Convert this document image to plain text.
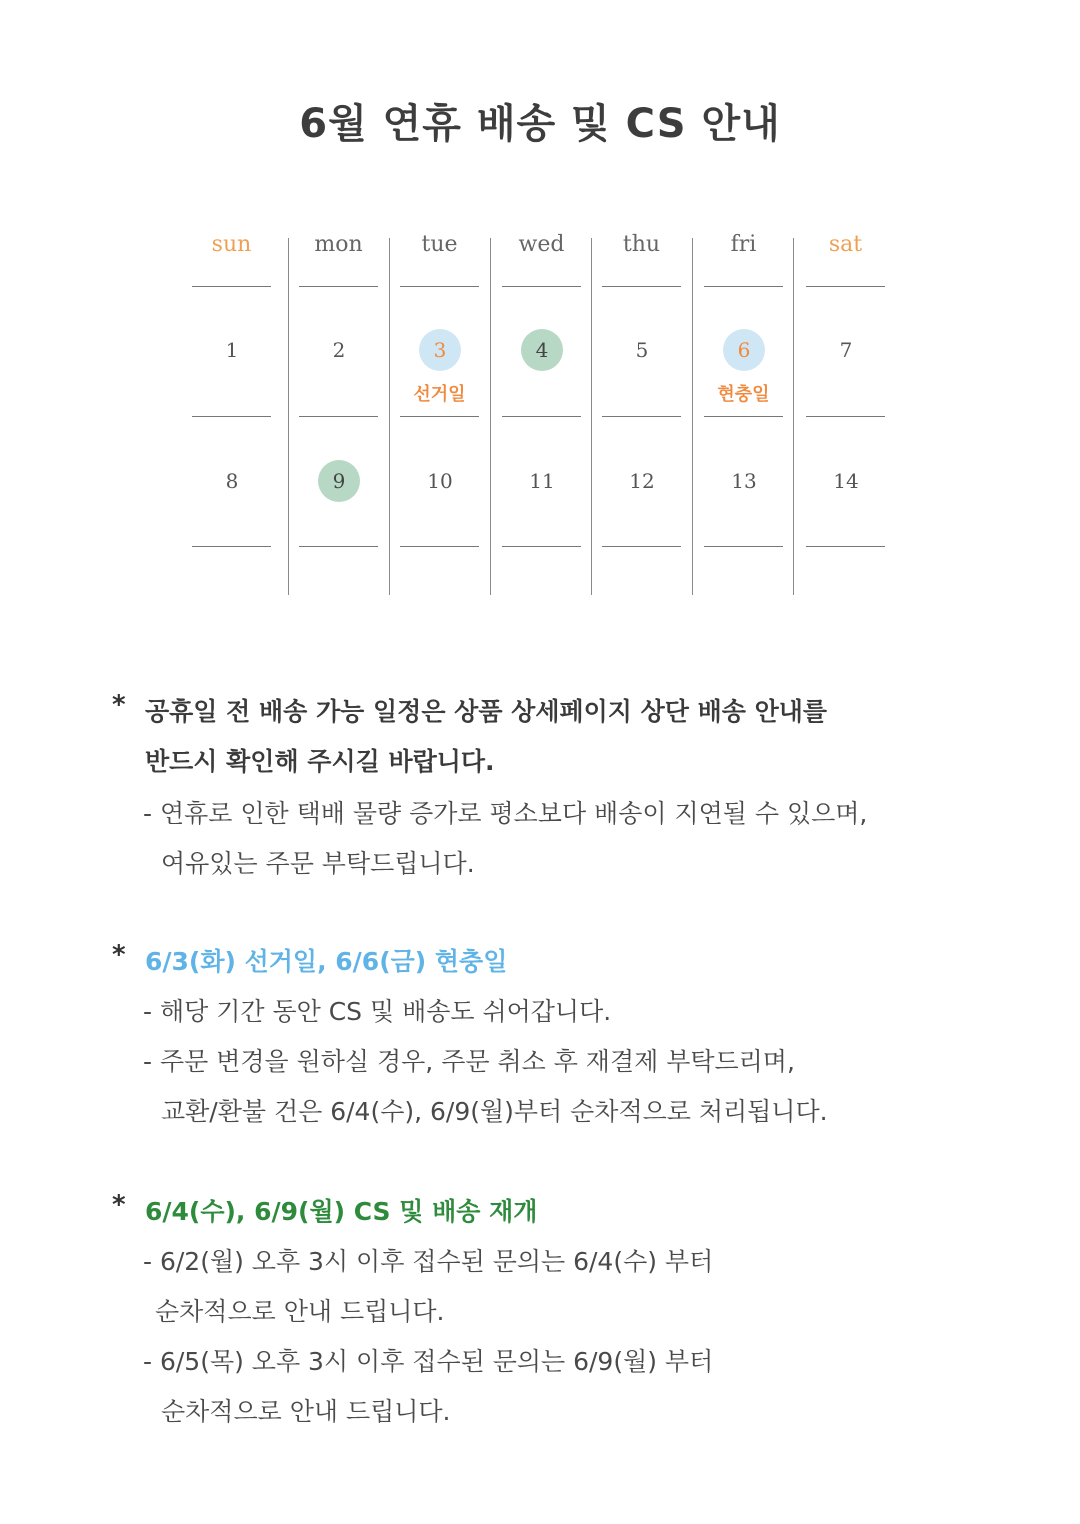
6월 연휴 배송 및 CS 안내
sun
1
8
mon
2
9
tue
3
선거일
10
wed
4
11
thu
5
12
fri
6
현충일
13
sat
7
14
* 공휴일 전 배송 가능 일정은 상품 상세페이지 상단 배송 안내를
반드시 확인해 주시길 바랍니다.
- 연휴로 인한 택배 물량 증가로 평소보다 배송이 지연될 수 있으며,
여유있는 주문 부탁드립니다.
* 6/3(화) 선거일, 6/6(금) 현충일
- 해당 기간 동안 CS 및 배송도 쉬어갑니다.
- 주문 변경을 원하실 경우, 주문 취소 후 재결제 부탁드리며,
교환/환불 건은 6/4(수), 6/9(월)부터 순차적으로 처리됩니다.
* 6/4(수), 6/9(월) CS 및 배송 재개
- 6/2(월) 오후 3시 이후 접수된 문의는 6/4(수) 부터
순차적으로 안내 드립니다.
- 6/5(목) 오후 3시 이후 접수된 문의는 6/9(월) 부터
순차적으로 안내 드립니다.
